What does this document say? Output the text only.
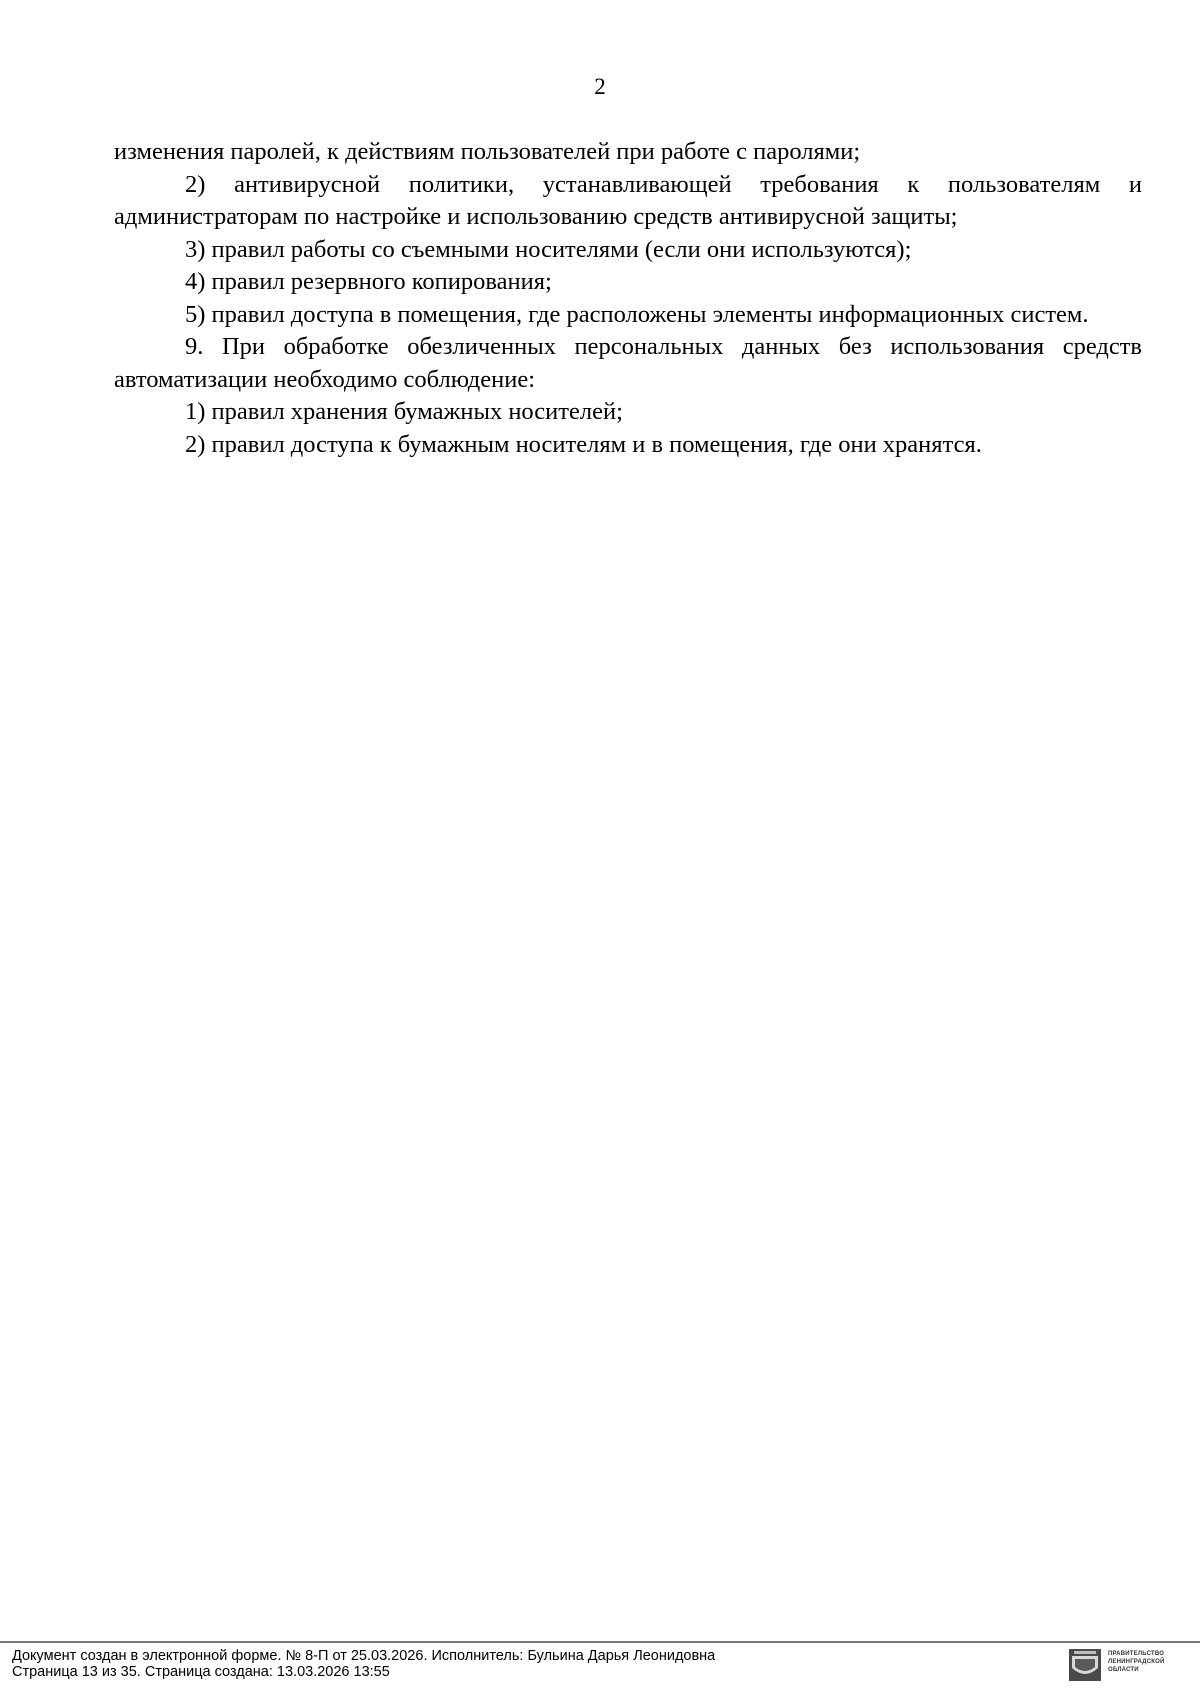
2

изменения паролей, к действиям пользователей при работе с паролями;

2) антивирусной политики, устанавливающей требования к пользователям и администраторам по настройке и использованию средств антивирусной защиты;

3) правил работы со съемными носителями (если они используются);

4) правил резервного копирования;

5) правил доступа в помещения, где расположены элементы информационных систем.

9. При обработке обезличенных персональных данных без использования средств автоматизации необходимо соблюдение:

1) правил хранения бумажных носителей;

2) правил доступа к бумажным носителям и в помещения, где они хранятся.

Документ создан в электронной форме. № 8-П от 25.03.2026. Исполнитель: Бульина Дарья Леонидовна
Страница 13 из 35. Страница создана: 13.03.2026 13:55
ПРАВИТЕЛЬСТВО
ЛЕНИНГРАДСКОЙ
ОБЛАСТИ
